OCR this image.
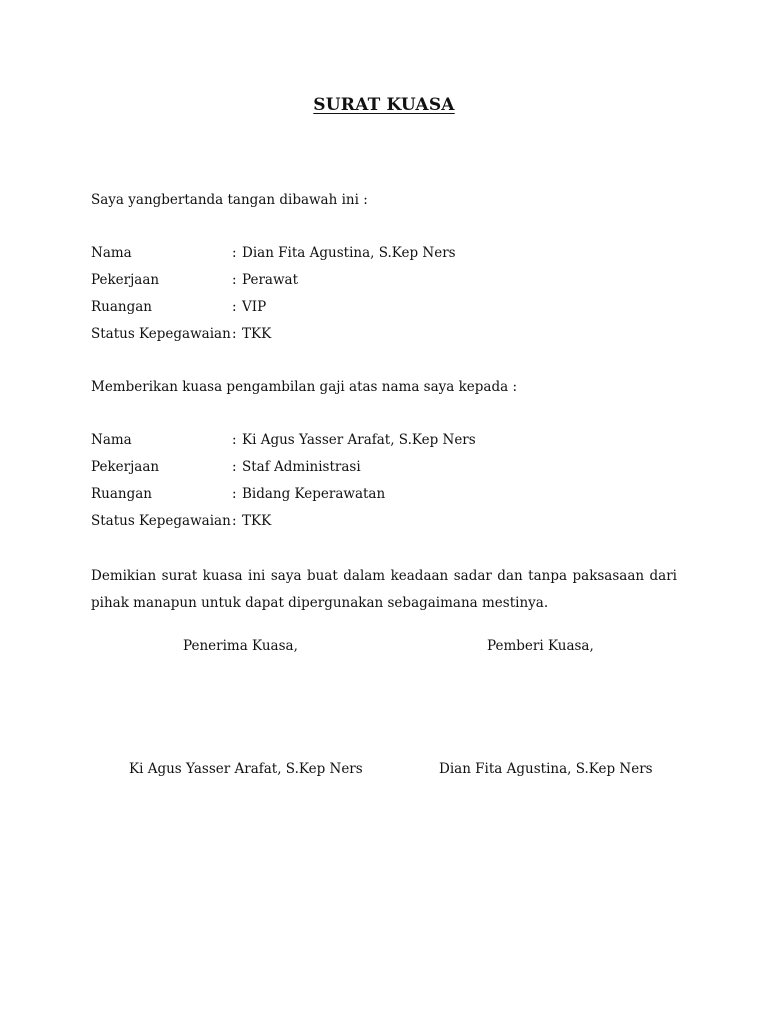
SURAT KUASA
Saya yangbertanda tangan dibawah ini :
Nama	: Dian Fita Agustina, S.Kep Ners
Pekerjaan	: Perawat
Ruangan	: VIP
Status Kepegawaian : TKK
Memberikan kuasa pengambilan gaji atas nama saya kepada :
Nama	: Ki Agus Yasser Arafat, S.Kep Ners
Pekerjaan	: Staf Administrasi
Ruangan	: Bidang Keperawatan
Status Kepegawaian : TKK
Demikian surat kuasa ini saya buat dalam keadaan sadar dan tanpa paksasaan dari pihak manapun untuk dapat dipergunakan sebagaimana mestinya.
Penerima Kuasa,	Pemberi Kuasa,
Ki Agus Yasser Arafat, S.Kep Ners	Dian Fita Agustina, S.Kep Ners
